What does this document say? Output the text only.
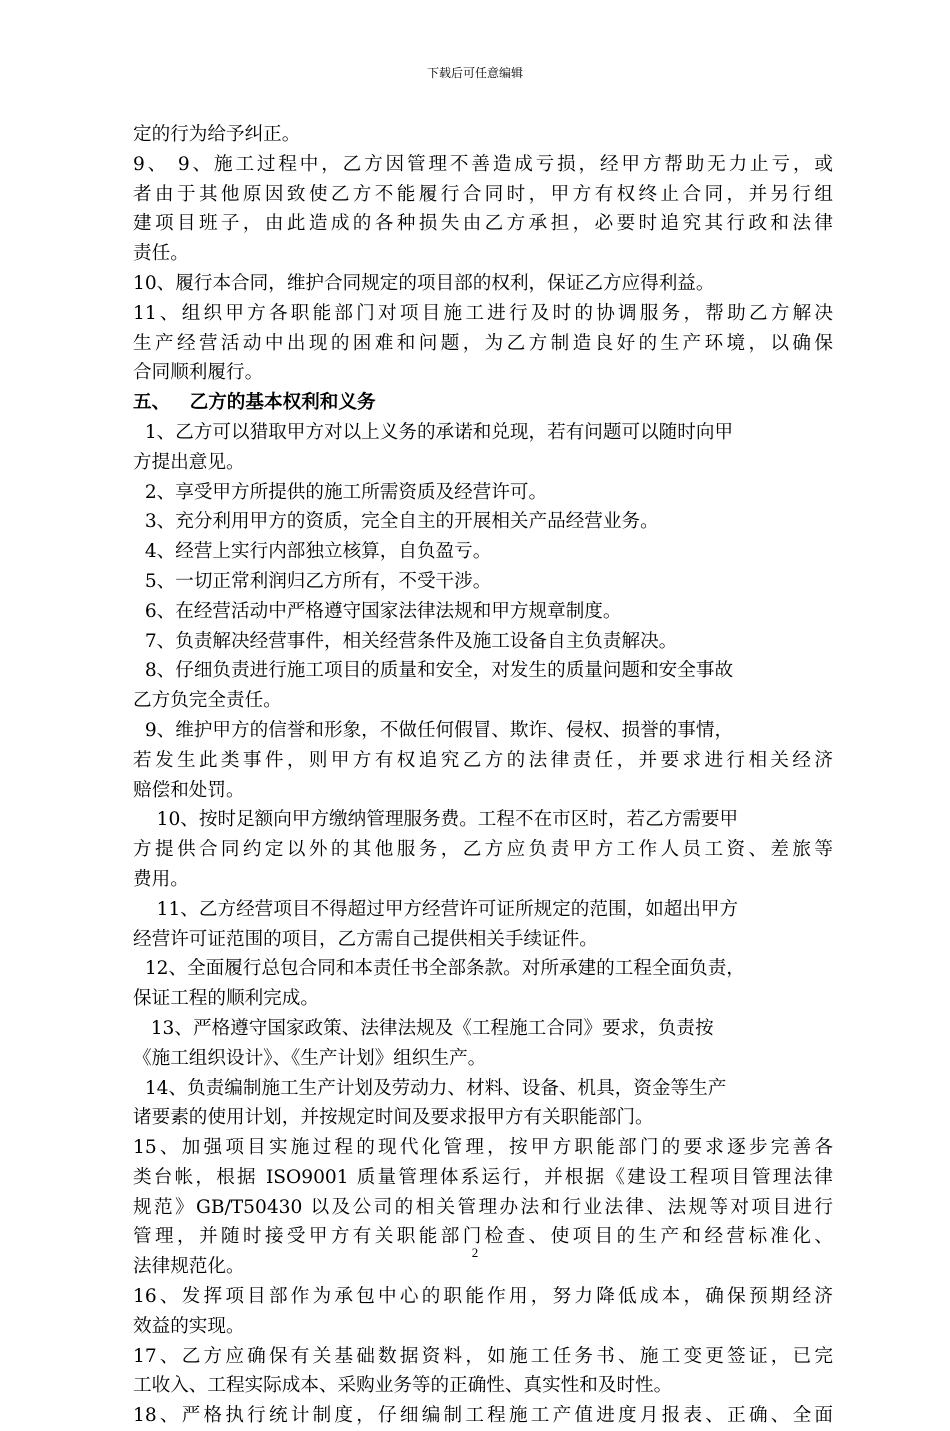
下载后可任意编辑
定的行为给予纠正。
9、 9、施工过程中，乙方因管理不善造成亏损，经甲方帮助无力止亏，或
者由于其他原因致使乙方不能履行合同时，甲方有权终止合同，并另行组
建项目班子，由此造成的各种损失由乙方承担，必要时追究其行政和法律
责任。
10、履行本合同，维护合同规定的项目部的权利，保证乙方应得利益。
11、组织甲方各职能部门对项目施工进行及时的协调服务，帮助乙方解决
生产经营活动中出现的困难和问题，为乙方制造良好的生产环境，以确保
合同顺利履行。
五、   乙方的基本权利和义务
1、乙方可以猎取甲方对以上义务的承诺和兑现，若有问题可以随时向甲
方提出意见。
2、享受甲方所提供的施工所需资质及经营许可。
3、充分利用甲方的资质，完全自主的开展相关产品经营业务。
4、经营上实行内部独立核算，自负盈亏。
5、一切正常利润归乙方所有，不受干涉。
6、在经营活动中严格遵守国家法律法规和甲方规章制度。
7、负责解决经营事件，相关经营条件及施工设备自主负责解决。
8、仔细负责进行施工项目的质量和安全，对发生的质量问题和安全事故
乙方负完全责任。
9、维护甲方的信誉和形象，不做任何假冒、欺诈、侵权、损誉的事情，
若发生此类事件，则甲方有权追究乙方的法律责任，并要求进行相关经济
赔偿和处罚。
10、按时足额向甲方缴纳管理服务费。工程不在市区时，若乙方需要甲
方提供合同约定以外的其他服务，乙方应负责甲方工作人员工资、差旅等
费用。
11、乙方经营项目不得超过甲方经营许可证所规定的范围，如超出甲方
经营许可证范围的项目，乙方需自己提供相关手续证件。
12、全面履行总包合同和本责任书全部条款。对所承建的工程全面负责，
保证工程的顺利完成。
13、严格遵守国家政策、法律法规及《工程施工合同》要求，负责按
《施工组织设计》、《生产计划》组织生产。
14、负责编制施工生产计划及劳动力、材料、设备、机具，资金等生产
诸要素的使用计划，并按规定时间及要求报甲方有关职能部门。
15、加强项目实施过程的现代化管理，按甲方职能部门的要求逐步完善各
类台帐，根据 ISO9001 质量管理体系运行，并根据《建设工程项目管理法律
规范》GB/T50430 以及公司的相关管理办法和行业法律、法规等对项目进行
管理，并随时接受甲方有关职能部门检查、使项目的生产和经营标准化、
法律规范化。
16、发挥项目部作为承包中心的职能作用，努力降低成本，确保预期经济
效益的实现。
17、乙方应确保有关基础数据资料，如施工任务书、施工变更签证，已完
工收入、工程实际成本、采购业务等的正确性、真实性和及时性。
18、严格执行统计制度，仔细编制工程施工产值进度月报表、正确、全面
2
